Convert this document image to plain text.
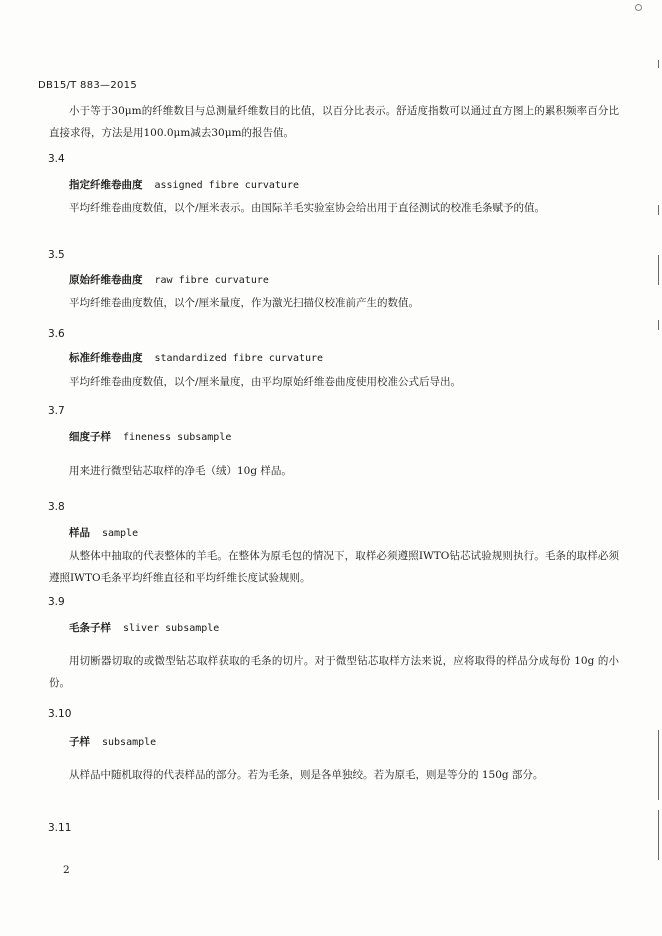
DB15/T 883—2015
小于等于30μm的纤维数目与总测量纤维数目的比值，以百分比表示。舒适度指数可以通过直方图上的累积频率百分比直接求得，方法是用100.0μm减去30μm的报告值。
3.4
指定纤维卷曲度 assigned fibre curvature
平均纤维卷曲度数值，以个/厘米表示。由国际羊毛实验室协会给出用于直径测试的校准毛条赋予的值。
3.5
原始纤维卷曲度 raw fibre curvature
平均纤维卷曲度数值，以个/厘米量度，作为激光扫描仪校准前产生的数值。
3.6
标准纤维卷曲度 standardized fibre curvature
平均纤维卷曲度数值，以个/厘米量度，由平均原始纤维卷曲度使用校准公式后导出。
3.7
细度子样 fineness subsample
用来进行微型钻芯取样的净毛（绒）10g 样品。
3.8
样品 sample
从整体中抽取的代表整体的羊毛。在整体为原毛包的情况下，取样必须遵照IWTO钻芯试验规则执行。毛条的取样必须遵照IWTO毛条平均纤维直径和平均纤维长度试验规则。
3.9
毛条子样 sliver subsample
用切断器切取的或微型钻芯取样获取的毛条的切片。对于微型钻芯取样方法来说，应将取得的样品分成每份 10g 的小份。
3.10
子样 subsample
从样品中随机取得的代表样品的部分。若为毛条，则是各单独绞。若为原毛，则是等分的 150g 部分。
3.11
2
